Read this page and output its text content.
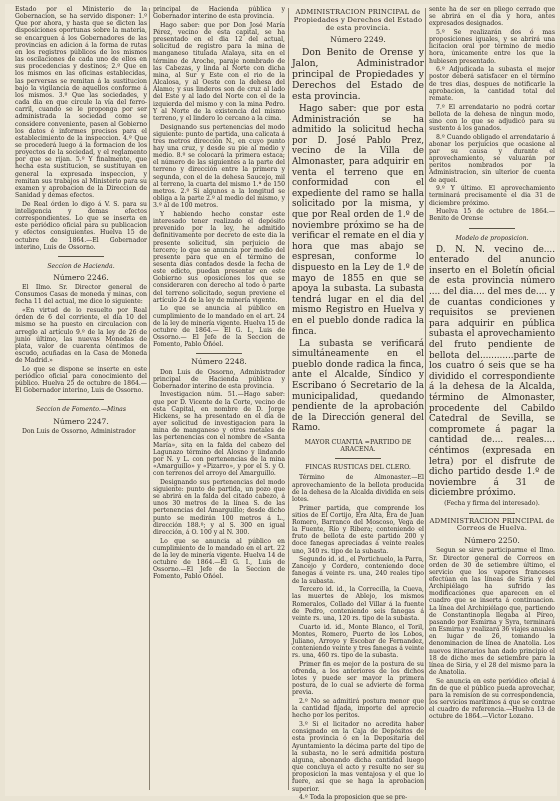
Estado por el Ministerio de la Gobernacion, se ha servido disponer: 1.º Que por ahora, y hasta que se dicten las disposiciones oportunas sobre la materia, se encarguen á los Gobernadores de las provincias en adicion á la forma de rutas en los registros públicos de los mismos las oscilaciones de cada uno de ellos en sus procedencias y destinos; 2.º Que en los mismos en las oficinas establecidas, las perversas se remitan á la sustitucion bajo la vigilancia de aquellos conforme á los mismos. 3.º Que las sociedades, y cada dia en que circule la vía del ferro-carril, cuando se le proponga por ser administrada la sociedad como se considere conveniente, pasen al Gobierno los datos é informes precisos para el establecimiento de la inspeccion. 4.º Que se procederá luego á la formacion de los proyectos de la sociedad, y el reglamento por que se rijan. 5.º Y finalmente, que hecha esta sustitucion, se sustituyan en general la expresada inspeccion, y remitan sus trabajos al Ministerio para su examen y aprobacion de la Direccion de Sanidad y demas efectos.

De Real órden lo digo á V. S. para su inteligencia y demas efectos correspondientes. Lo que se inserta en este periódico oficial para su publicacion y efectos consiguientes. Huelva 15 de octubre de 1864.—El Gobernador interino, Luis de Ossorno.

Seccion de Hacienda.

Número 2246.

El Ilmo. Sr. Director general de Consumos Casas de moneda y minas, con fecha 11 del actual, me dice lo siguiente:

«En virtud de lo resuelto por Real órden de 6 del corriente, el dia 10 del mismo se ha puesto en circulacion con arreglo al artículo 9.º de la ley de 26 de junio último, las nuevas Monedas de plata, valor de cuarenta céntimos de escudo, acuñadas en la Casa de Moneda de Madrid.»

Lo que se dispone se inserte en este periódico oficial para conocimiento del público. Huelva 25 de octubre de 1864.—El Gobernador interino, Luis de Ossorno.

Seccion de Fomento.—Minas

Número 2247.

Don Luis de Ossorno, Administrador

principal de Hacienda pública y Gobernador interino de esta provincia.

Hago saber: que por Don José María Pérez, vecino de esta capital, se ha presentado en el dia 12 del actual, solicitud de registro para la mina de manganeso titulada Atalaya, sita en el término de Aroche, paraje nombrado de las Cabezas, y linda al Norte con dicha mina, al Sur y Este con el rio de la Alcalosa, y al Oeste con la dehesa del Álamo; y sus linderos son de cruz al lado del Este y al lado del Norte con el de la izquierda del mismo y con la mina Pedro. Y al Norte de la existencia del mismo terreno, y el lindero lo cercano a la cima.

Designando sus pertenencias del modo siguiente: punto de partida, una calicata á tres metros dirección N., en cuyo punto hay una cruz, y desde su pie al medio y medio. 8.º se colocará la primera estaca; el número de las siguientes a la parte del terreno y dirección entre la primera y segunda, con el de la dehesa Saucejo, mil al terreno, la cuarta del mismo 1.ª de 150 metros. 2.º Si algunos a la longitud se obliga a la parte 2.º al medio del mismo, y 3.º al de 100 metros.

Y habiendo hecho constar este interesado tener realizado el depósito prevenido por la ley, he admitido definitivamente por decreto de este dia la presente solicitud, sin perjuicio de tercero; lo que se anuncia por medio del presente para que en el término de sesenta dias contados desde la fecha de este edicto, puedan presentar en este Gobierno sus oposiciones los que se consideraren con derecho al todo ó parte del terreno solicitado, segun previene el artículo 24 de la ley de minería vigente.

Lo que se anuncia al público en cumplimiento de lo mandado en el art. 24 de la ley de minería vigente. Huelva 15 de octubre de 1864.— El G. I., Luis de Ossorno.— El Jefe de la Seccion de Fomento, Pablo Oñóel.

Número 2248.

Don Luis de Ossorno, Administrador principal de Hacienda pública y Gobernador interino de esta provincia.

Investigacion núm. 51.—Hago saber: que por D. Vicente de la Corte, vecino de esta Capital, en nombre de D. Jorge Hickens, se ha presentado en el dia de ayer solicitud de investigacion para la mina de manganeso y otros metales de las pertenencias con el nombre de «Santa María», sita en la falda del cabezo del Lagunazo término del Alosno y lindando por N. y L. con pertenencias de la mina «Amarguillo» y «Pizarro», y por el S. y O. con terrenos del arroyo del Amarguillo.

Designando sus pertenencias del modo siguiente: punto de partida, un pozo que se abrirá en la falda del citado cabezo, á unos 30 metros de la línea S. de las pertenencias del Amarguillo; desde dicho punto se medirán 100 metros á L., dirección 188.º; y al S. 300 en igual dirección, á O. 100 y al N. 300.

Lo que se anuncia al público en cumplimiento de lo mandado en el art. 22 de la ley de minería vigente. Huelva 14 de octubre de 1864.—El G. I., Luis de Ossorno.—El Jefe de la Seccion de Fomento, Pablo Oñóel.

ADMINISTRACION PRINCIPAL de Propiedades y Derechos del Estado de esta provincia.

Número 2249.

Don Benito de Orense y Jalon, Administrador principal de Propiedades y Derechos del Estado de esta provincia.

Hago saber: que por esta Administración se ha admitido la solicitud hecha por D. José Pablo Prez, vecino de la Villa de Almonaster, para adquirir en venta el terreno que en conformidad con el expediente del ramo se halla solicitado por la misma, y que por Real orden de 1.º de noviembre próximo se ha de verificar el remate en el dia y hora que mas abajo se espresan, conforme lo dispuesto en la Ley de 1.º de mayo de 1855 en que se apoya la subasta. La subasta tendrá lugar en el dia del mismo Registro en Huelva y en el pueblo donde radica la finca.

La subasta se verificará simultáneamente en el pueblo donde radica la finca, ante el Alcalde, Síndico y Escribano ó Secretario de la municipalidad, quedando pendiente de la aprobación de la Dirección general del Ramo.

MAYOR CUANTIA =PARTIDO DE ARACENA.

FINCAS RUSTICAS DEL CLERO.

Término de Almonaster.—El aprovechamiento de la bellota producida de la dehesa de la Alcalda dividida en seis lotes.

Primer partida, que comprende los sitios de El Cortijo, Era Alta, Era de Juan Romero, Barranco del Moscoso, Vega de la Fuente, Río y Ribera; conteniendo el fruto de bellota de este partido 200 y doce fanegas apreciadas á veinte reales uno, 340 rs. tipo de la subasta.

Segundo id. id., el Portichuelo, la Parra, Zancejo y Cordero, conteniendo doce fanegas á veinte rs. una, 240 reales tipo de la subasta.

Tercero id. id., la Correcilla, la Cueva, las muertes de Ablejo, los mismos Romeralos, Collado del Villar á la fuente de Pedro, conteniendo seis fanegas á veinte rs. una, 120 rs. tipo de la subasta.

Cuarto id. id., Monte Blanco, el Toril, Montes, Romero, Puerto de los Lobos, Juliano, Arroyo y Escobar de Fernandez, conteniendo veinte y tres fanegas á veinte rs. una, 460 rs. tipo de la subasta.

Primer fin es mejor de la postura de su ofrenda, a los anteriores de los dichos lotes y puede ser mayor la primera postura, de lo cual se advierte de forma previa.

2.º No se admitirá postura menor que la cantidad fijada, importe del aprecio hecho por los peritos.

3.º Si el licitador no acredita haber consignado en la Caja de Depósitos de esta provincia ó en la Depositaría del Ayuntamiento la décima parte del tipo de la subasta, no le será admitida postura alguna, abonando dicha cantidad luego que concluya el acto y resulte no ser su proposicion la mas ventajosa y el que lo fuere, así que se haga la aprobacion superior.

4.º Toda la proposicion que se pre-

sente ha de ser en pliego cerrado que se abrirá en el dia y hora, antes expresados designados.

5.º Se realizarán dos ó mas proposiciones iguales, y se abrirá una licitacion oral por término de medio hora, únicamente entre los que la hubiesen presentado.

6.º Adjudicada la subasta el mejor postor deberá satisfacer en el término de tres dias, despues de notificarle la aprobacion, la cantidad total del remate.

7.º El arrendatario no podrá cortar bellota de la dehesa de ningun modo, sino con lo que se adjudicó para su sustento á los ganados.

8.º Cuando obligado el arrendatario á abonar los perjuicios que ocasione al par su causa y durante el aprovechamiento, se valuarán por peritos nombrados por la Administracion, sin ulterior de cuenta de aquel.

9.º Y último. El aprovechamiento terminará precisamente el dia 31 de diciembre próximo.

Huelva 15 de octubre de 1864.— Benito de Orense

Modelo de proposicion.

D. N. N. vecino de.... enterado del anuncio inserto en el Boletín oficial de esta provincia número .... del dia.... del mes de.... y de cuantas condiciones y requisitos se previenen para adquirir en pública subasta el aprovechamiento del fruto pendiente de bellota del............parte de los cuatro ó seis que se ha dividido el correspondiente á la dehesa de la Alcalda, término de Almonaster, procedente del Cabildo Catedral de Sevilla, se compromete á pagar la cantidad de.... reales.... céntimos (expresada en letra) por el disfrute de dicho partido desde 1.º de noviembre á 31 de diciembre próximo.

(Fecha y firma del interesado).

ADMINISTRACION PRINCIPAL de Correos de Huelva.

Número 2250.

Segun se sirve participarme el Ilmo. Sr. Director general de Correos en orden de 30 de setiembre último, el servicio que los vapores franceses efectúan en las líneas de Siria y del Archipiélago ha sufrido las modificaciones que aparecen en el cuadro que se inserta á continuacion. La línea del Archipiélago que, partiendo de Constantinopla llegaba al Píreo, pasando por Esmirna y Syra, terminará en Esmirna y realizará 36 viajes anuales en lugar de 26, tomando la denominacion de línea de Anatolia. Los nuevos itinerarios han dado principio el 18 de dicho mes de setiembre para la línea de Siria, y el 28 del mismo para la de Anatolia.

Se anuncia en este periódico oficial á fin de que el público pueda aprovechar, para la remision de su correspondencia, los servicios marítimos á que se contrae el cuadro de referencia.—Huelva 13 de octubre de 1864.—Victor Lozano.
